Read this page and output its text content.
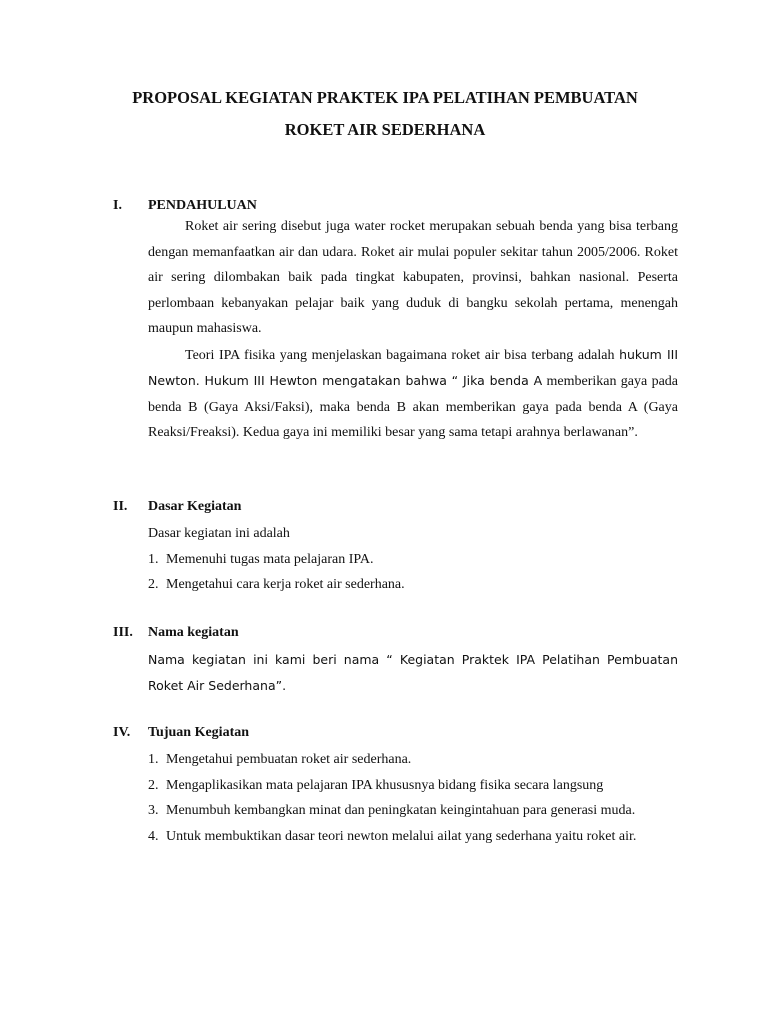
PROPOSAL KEGIATAN PRAKTEK IPA PELATIHAN PEMBUATAN
ROKET AIR SEDERHANA
I. PENDAHULUAN

Roket air sering disebut juga water rocket merupakan sebuah benda yang bisa terbang dengan memanfaatkan air dan udara. Roket air mulai populer sekitar tahun 2005/2006. Roket air sering dilombakan baik pada tingkat kabupaten, provinsi, bahkan nasional. Peserta perlombaan kebanyakan pelajar baik yang duduk di bangku sekolah pertama, menengah maupun mahasiswa.

Teori IPA fisika yang menjelaskan bagaimana roket air bisa terbang adalah hukum III Newton. Hukum III Hewton mengatakan bahwa “ Jika benda A memberikan gaya pada benda B (Gaya Aksi/Faksi), maka benda B akan memberikan gaya pada benda A (Gaya Reaksi/Freaksi). Kedua gaya ini memiliki besar yang sama tetapi arahnya berlawanan”.

II. Dasar Kegiatan

Dasar kegiatan ini adalah

1. Memenuhi tugas mata pelajaran IPA.
2. Mengetahui cara kerja roket air sederhana.
III. Nama kegiatan

Nama kegiatan ini kami beri nama “ Kegiatan Praktek IPA Pelatihan Pembuatan Roket Air Sederhana”.

IV. Tujuan Kegiatan
1. Mengetahui pembuatan roket air sederhana.
2. Mengaplikasikan mata pelajaran IPA khususnya bidang fisika secara langsung
3. Menumbuh kembangkan minat dan peningkatan keingintahuan para generasi muda.
4. Untuk membuktikan dasar teori newton melalui ailat yang sederhana yaitu roket air.
